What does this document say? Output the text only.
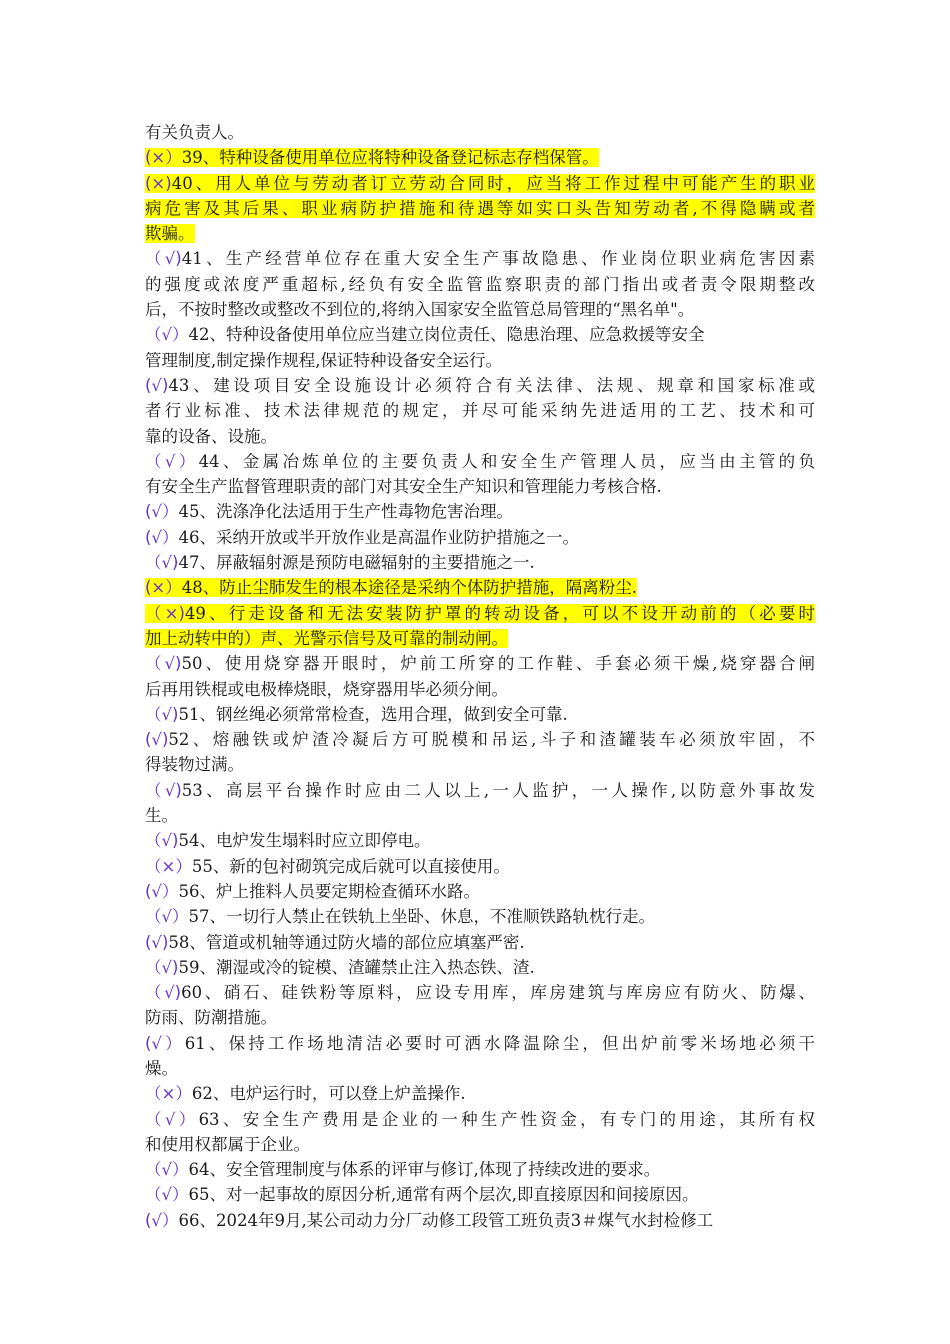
有关负责人。
(×）39、特种设备使用单位应将特种设备登记标志存档保管。
(×)40、用人单位与劳动者订立劳动合同时，应当将工作过程中可能产生的职业
病危害及其后果、职业病防护措施和待遇等如实口头告知劳动者,不得隐瞒或者
欺骗。
（√)41、生产经营单位存在重大安全生产事故隐患、作业岗位职业病危害因素
的强度或浓度严重超标,经负有安全监管监察职责的部门指出或者责令限期整改
后，不按时整改或整改不到位的,将纳入国家安全监管总局管理的“黑名单"。
（√）42、特种设备使用单位应当建立岗位责任、隐患治理、应急救援等安全
管理制度,制定操作规程,保证特种设备安全运行。
(√)43、建设项目安全设施设计必须符合有关法律、法规、规章和国家标准或
者行业标准、技术法律规范的规定，并尽可能采纳先进适用的工艺、技术和可
靠的设备、设施。
（√）44、金属冶炼单位的主要负责人和安全生产管理人员，应当由主管的负
有安全生产监督管理职责的部门对其安全生产知识和管理能力考核合格.
(√）45、洗涤净化法适用于生产性毒物危害治理。
(√）46、采纳开放或半开放作业是高温作业防护措施之一。
（√)47、屏蔽辐射源是预防电磁辐射的主要措施之一.
(×）48、防止尘肺发生的根本途径是采纳个体防护措施，隔离粉尘.
（×)49、行走设备和无法安装防护罩的转动设备，可以不设开动前的（必要时
加上动转中的）声、光警示信号及可靠的制动闸。
（√)50、使用烧穿器开眼时，炉前工所穿的工作鞋、手套必须干燥,烧穿器合闸
后再用铁棍或电极棒烧眼，烧穿器用毕必须分闸。
（√)51、钢丝绳必须常常检查，选用合理，做到安全可靠.
(√)52、熔融铁或炉渣冷凝后方可脱模和吊运,斗子和渣罐装车必须放牢固，不
得装物过满。
（√)53、高层平台操作时应由二人以上,一人监护，一人操作,以防意外事故发
生。
（√)54、电炉发生塌料时应立即停电。
（×）55、新的包衬砌筑完成后就可以直接使用。
(√）56、炉上推料人员要定期检查循环水路。
（√）57、一切行人禁止在铁轨上坐卧、休息，不准顺铁路轨枕行走。
(√)58、管道或机轴等通过防火墙的部位应填塞严密.
（√)59、潮湿或冷的锭模、渣罐禁止注入热态铁、渣.
（√)60、硝石、硅铁粉等原料，应设专用库，库房建筑与库房应有防火、防爆、
防雨、防潮措施。
(√）61、保持工作场地清洁必要时可洒水降温除尘，但出炉前零米场地必须干
燥。
（×）62、电炉运行时，可以登上炉盖操作.
（√）63、安全生产费用是企业的一种生产性资金，有专门的用途，其所有权
和使用权都属于企业。
（√）64、安全管理制度与体系的评审与修订,体现了持续改进的要求。
（√）65、对一起事故的原因分析,通常有两个层次,即直接原因和间接原因。
(√）66、2024年9月,某公司动力分厂动修工段管工班负责3＃煤气水封检修工
